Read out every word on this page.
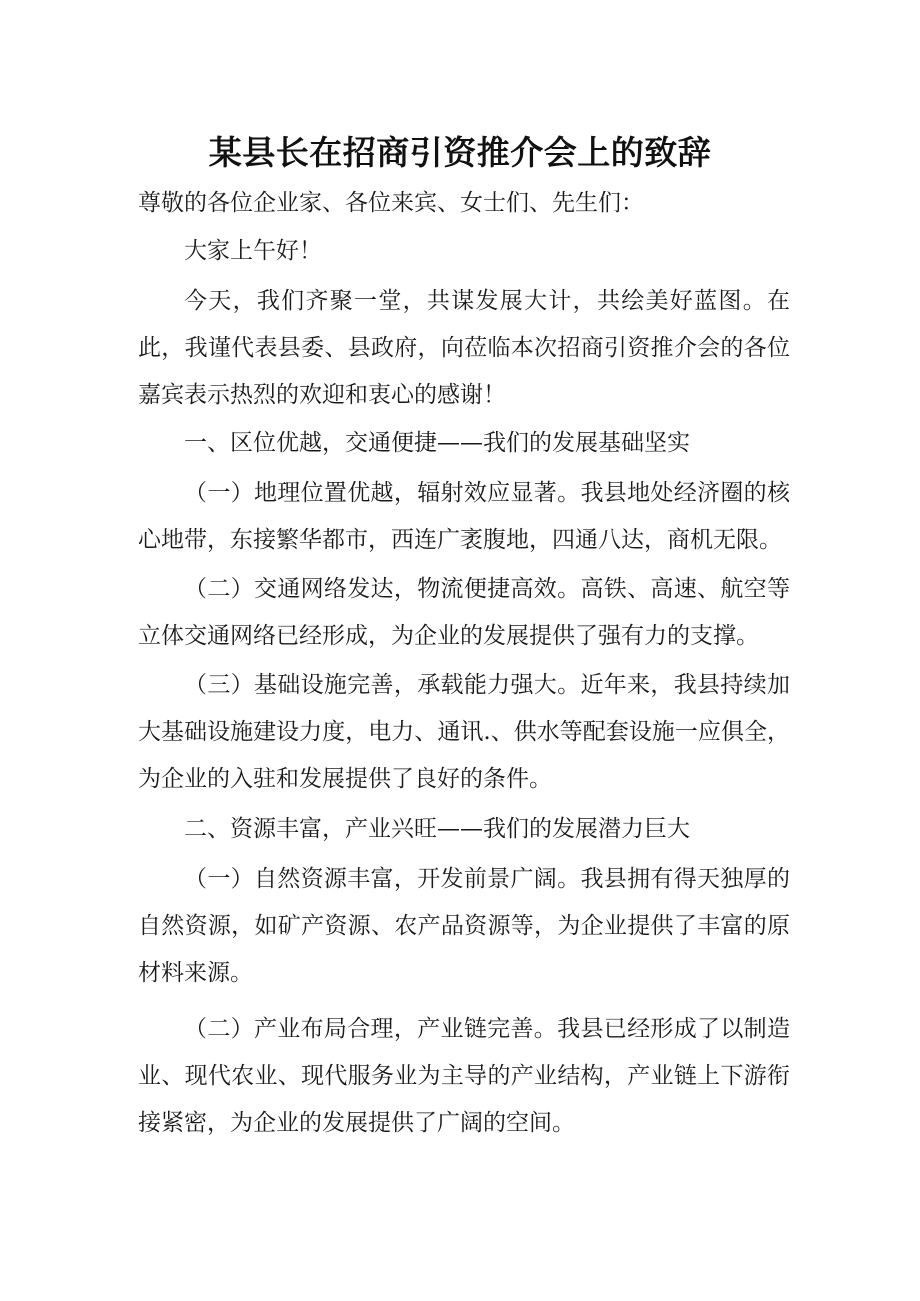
某县长在招商引资推介会上的致辞

尊敬的各位企业家、各位来宾、女士们、先生们：

大家上午好！

今天，我们齐聚一堂，共谋发展大计，共绘美好蓝图。在此，我谨代表县委、县政府，向莅临本次招商引资推介会的各位嘉宾表示热烈的欢迎和衷心的感谢！

一、区位优越，交通便捷——我们的发展基础坚实

（一）地理位置优越，辐射效应显著。我县地处经济圈的核心地带，东接繁华都市，西连广袤腹地，四通八达，商机无限。

（二）交通网络发达，物流便捷高效。高铁、高速、航空等立体交通网络已经形成，为企业的发展提供了强有力的支撑。

（三）基础设施完善，承载能力强大。近年来，我县持续加大基础设施建设力度，电力、通讯.、供水等配套设施一应俱全，为企业的入驻和发展提供了良好的条件。

二、资源丰富，产业兴旺——我们的发展潜力巨大

（一）自然资源丰富，开发前景广阔。我县拥有得天独厚的自然资源，如矿产资源、农产品资源等，为企业提供了丰富的原材料来源。

（二）产业布局合理，产业链完善。我县已经形成了以制造业、现代农业、现代服务业为主导的产业结构，产业链上下游衔接紧密，为企业的发展提供了广阔的空间。
